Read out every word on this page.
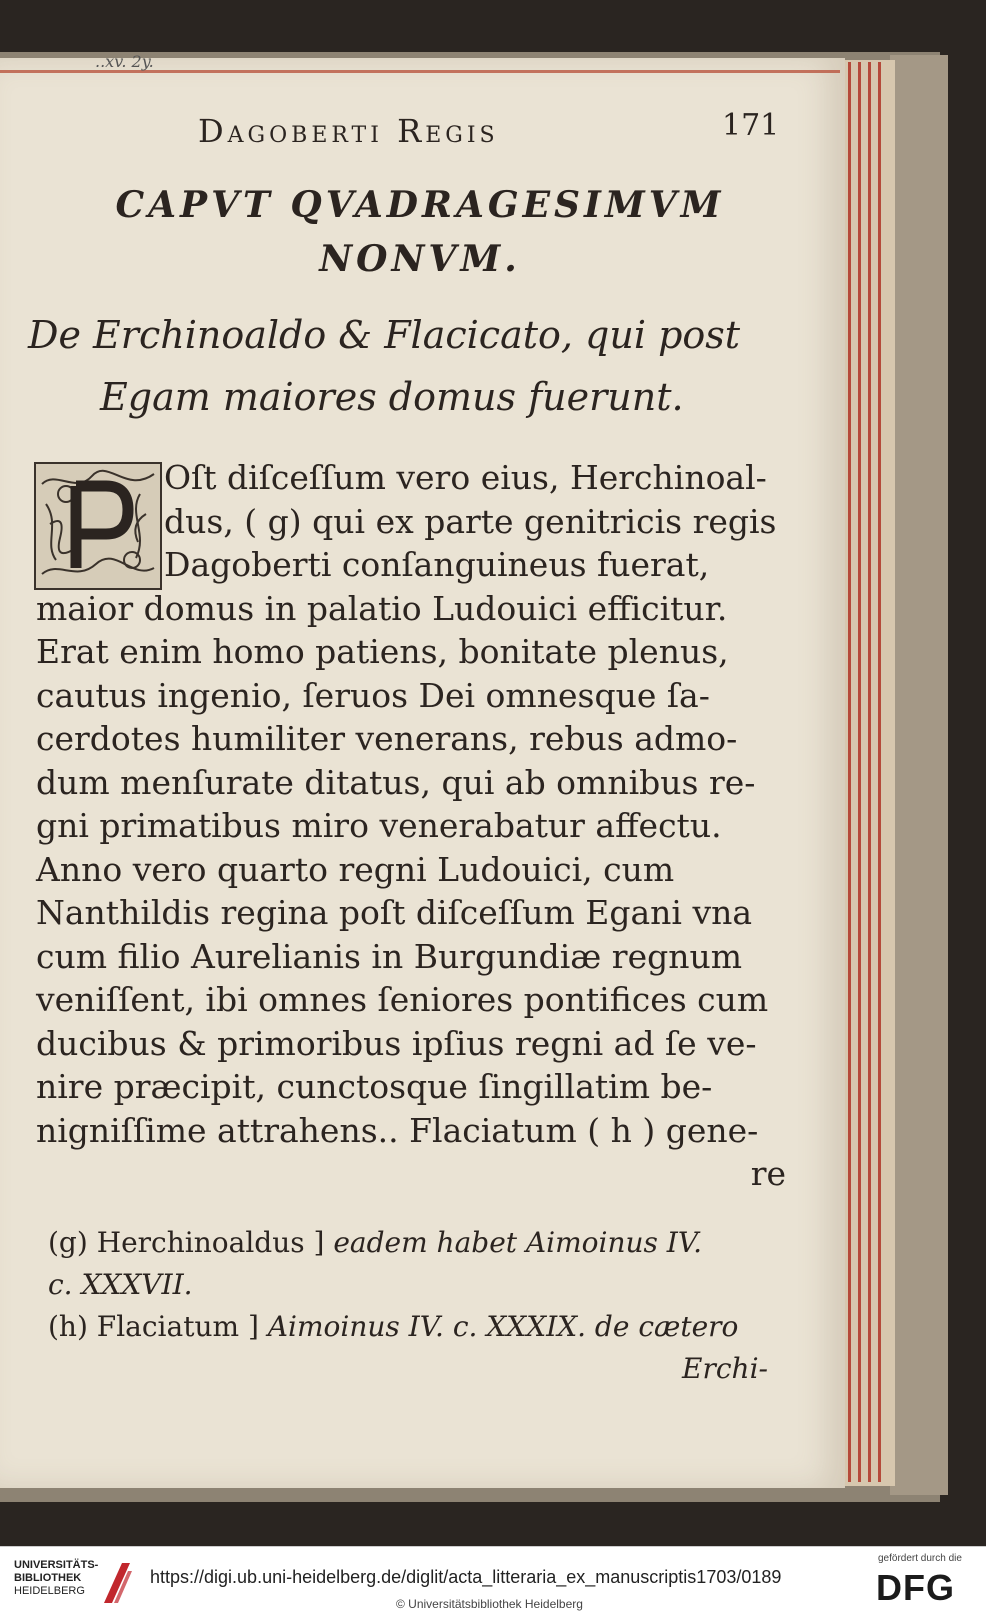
..xv. 2y.
Dagoberti Regis	171
CAPVT QVADRAGESIMVM
NONVM.
De Erchinoaldo & Flacicato, qui post
Egam maiores domus fuerunt.
Oſt diſceſſum vero eius, Herchinoal-
dus, ( g) qui ex parte genitricis regis
Dagoberti conſanguineus fuerat,
maior domus in palatio Ludouici efficitur.
Erat enim homo patiens, bonitate plenus,
cautus ingenio, ſeruos Dei omnesque ſa-
cerdotes humiliter venerans, rebus admo-
dum menſurate ditatus, qui ab omnibus re-
gni primatibus miro venerabatur affectu.
Anno vero quarto regni Ludouici, cum
Nanthildis regina poſt diſceſſum Egani vna
cum filio Aurelianis in Burgundiæ regnum
veniſſent, ibi omnes ſeniores pontifices cum
ducibus & primoribus ipſius regni ad ſe ve-
nire præcipit, cunctosque ſingillatim be-
nigniſſime attrahens.. Flaciatum ( h ) gene-
re
(g) Herchinoaldus ] eadem habet Aimoinus IV.
c. XXXVII.
(h) Flaciatum ] Aimoinus IV. c. XXXIX. de cætero
Erchi-
UNIVERSITÄTS-
BIBLIOTHEK
HEIDELBERG
https://digi.ub.uni-heidelberg.de/diglit/acta_litteraria_ex_manuscriptis1703/0189
© Universitätsbibliothek Heidelberg
gefördert durch die
DFG
